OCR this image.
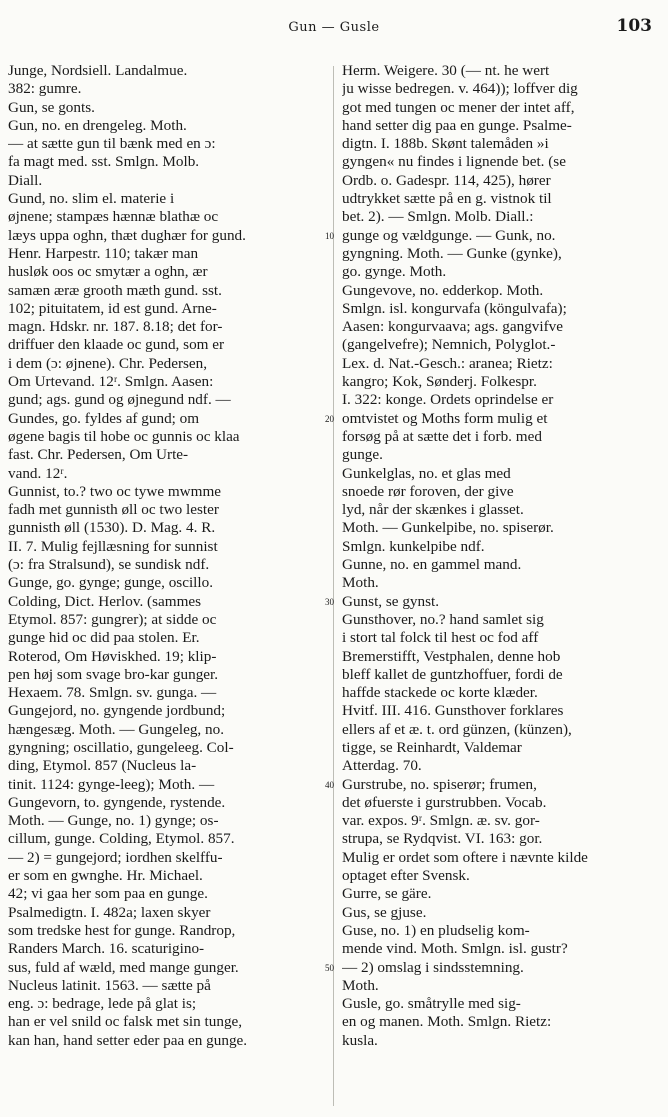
Gun — Gusle	103
Junge, Nordsiell. Landalmue.
382: gumre.
Gun, se gonts.
Gun, no. en drengeleg. Moth.
— at sætte gun til bænk med en ɔ:
fa magt med. sst. Smlgn. Molb.
Diall.
Gund, no. slim el. materie i
øjnene; stampæs hænnæ blathæ oc
læys uppa oghn, thæt dughær for gund.
Henr. Harpestr. 110; takær man
husløk oos oc smytær a oghn, ær
samæn æræ grooth mæth gund. sst.
102; pituitatem, id est gund. Arne-
magn. Hdskr. nr. 187. 8.18; det for-
driffuer den klaade oc gund, som er
i dem (ɔ: øjnene). Chr. Pedersen,
Om Urtevand. 12ʳ. Smlgn. Aasen:
gund; ags. gund og øjnegund ndf. —
Gundes, go. fyldes af gund; om
øgene bagis til hobe oc gunnis oc klaa
fast. Chr. Pedersen, Om Urte-
vand. 12ʳ.
Gunnist, to.? two oc tywe mwmme
fadh met gunnisth øll oc two lester
gunnisth øll (1530). D. Mag. 4. R.
II. 7. Mulig fejllæsning for sunnist
(ɔ: fra Stralsund), se sundisk ndf.
Gunge, go. gynge; gunge, oscillo.
Colding, Dict. Herlov. (sammes
Etymol. 857: gungrer); at sidde oc
gunge hid oc did paa stolen. Er.
Roterod, Om Høviskhed. 19; klip-
pen høj som svage bro-kar gunger.
Hexaem. 78. Smlgn. sv. gunga. —
Gungejord, no. gyngende jordbund;
hængesæg. Moth. — Gungeleg, no.
gyngning; oscillatio, gungeleeg. Col-
ding, Etymol. 857 (Nucleus la-
tinit. 1124: gynge-leeg); Moth. —
Gungevorn, to. gyngende, rystende.
Moth. — Gunge, no. 1) gynge; os-
cillum, gunge. Colding, Etymol. 857.
— 2) = gungejord; iordhen skelffu-
er som en gwnghe. Hr. Michael.
42; vi gaa her som paa en gunge.
Psalmedigtn. I. 482a; laxen skyer
som tredske hest for gunge. Randrop,
Randers March. 16. scaturigino-
sus, fuld af wæld, med mange gunger.
Nucleus latinit. 1563. — sætte på
eng. ɔ: bedrage, lede på glat is;
han er vel snild oc falsk met sin tunge,
kan han, hand setter eder paa en gunge.
10
20
30
40
50
Herm. Weigere. 30 (— nt. he wert
ju wisse bedregen. v. 464)); loffver dig
got med tungen oc mener der intet aff,
hand setter dig paa en gunge. Psalme-
digtn. I. 188b. Skønt talemåden »i
gyngen« nu findes i lignende bet. (se
Ordb. o. Gadespr. 114, 425), hører
udtrykket sætte på en g. vistnok til
bet. 2). — Smlgn. Molb. Diall.:
gunge og vældgunge. — Gunk, no.
gyngning. Moth. — Gunke (gynke),
go. gynge. Moth.
Gungevove, no. edderkop. Moth.
Smlgn. isl. kongurvafa (köngulvafa);
Aasen: kongurvaava; ags. gangvifve
(gangelvefre); Nemnich, Polyglot.-
Lex. d. Nat.-Gesch.: aranea; Rietz:
kangro; Kok, Sønderj. Folkespr.
I. 322: konge. Ordets oprindelse er
omtvistet og Moths form mulig et
forsøg på at sætte det i forb. med
gunge.
Gunkelglas, no. et glas med
snoede rør foroven, der give
lyd, når der skænkes i glasset.
Moth. — Gunkelpibe, no. spiserør.
Smlgn. kunkelpibe ndf.
Gunne, no. en gammel mand.
Moth.
Gunst, se gynst.
Gunsthover, no.? hand samlet sig
i stort tal folck til hest oc fod aff
Bremerstifft, Vestphalen, denne hob
bleff kallet de guntzhoffuer, fordi de
haffde stackede oc korte klæder.
Hvitf. III. 416. Gunsthover forklares
ellers af et æ. t. ord günzen, (künzen),
tigge, se Reinhardt, Valdemar
Atterdag. 70.
Gurstrube, no. spiserør; frumen,
det øfuerste i gurstrubben. Vocab.
var. expos. 9ʳ. Smlgn. æ. sv. gor-
strupa, se Rydqvist. VI. 163: gor.
Mulig er ordet som oftere i nævnte kilde
optaget efter Svensk.
Gurre, se gäre.
Gus, se gjuse.
Guse, no. 1) en pludselig kom-
mende vind. Moth. Smlgn. isl. gustr?
— 2) omslag i sindsstemning.
Moth.
Gusle, go. småtrylle med sig-
en og manen. Moth. Smlgn. Rietz:
kusla.
